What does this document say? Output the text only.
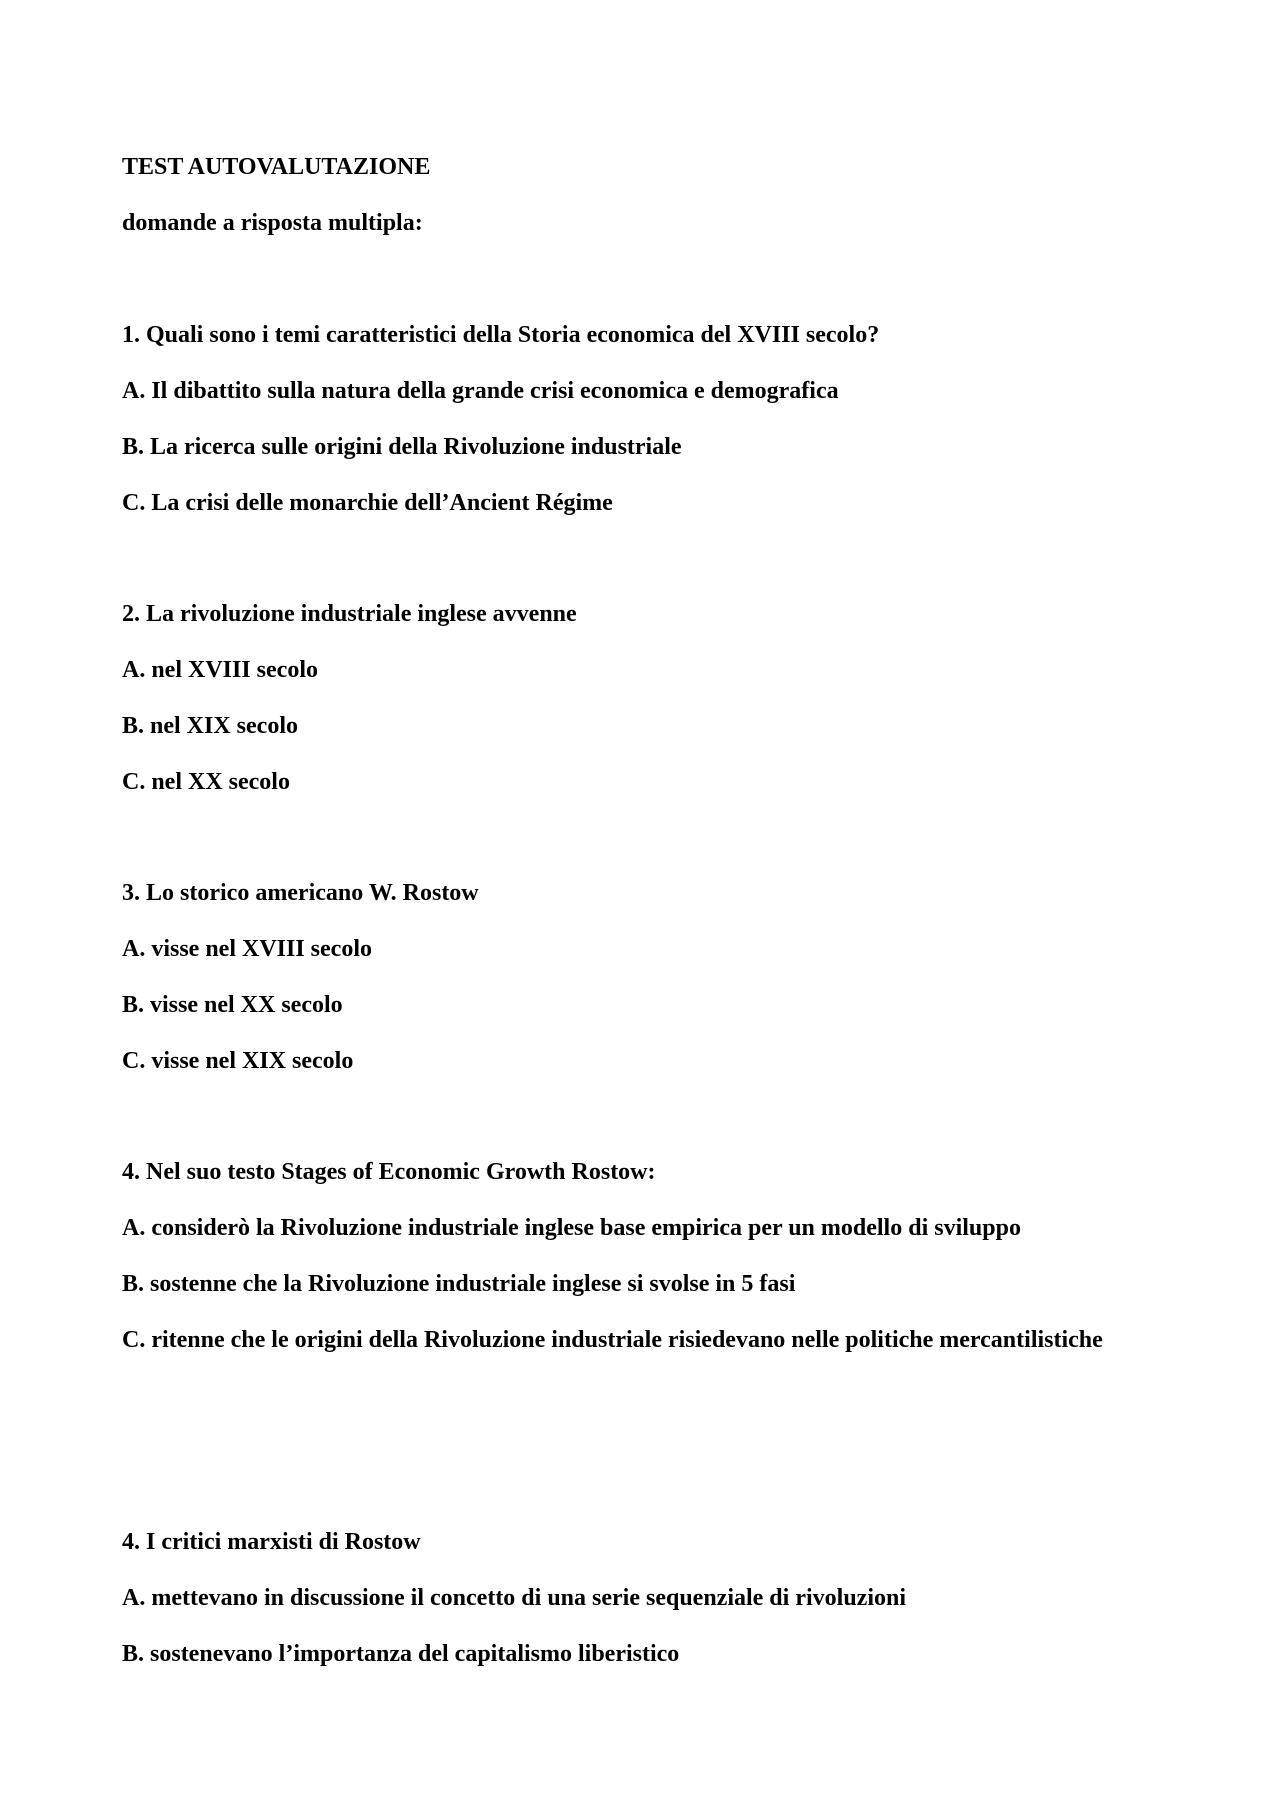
TEST AUTOVALUTAZIONE

domande a risposta multipla:

1. Quali sono i temi caratteristici della Storia economica del XVIII secolo?

A. Il dibattito sulla natura della grande crisi economica e demografica

B. La ricerca sulle origini della Rivoluzione industriale

C. La crisi delle monarchie dell’Ancient Régime

2. La rivoluzione industriale inglese avvenne

A. nel XVIII secolo

B. nel XIX secolo

C. nel XX secolo

3. Lo storico americano W. Rostow

A. visse nel XVIII secolo

B. visse nel XX secolo

C. visse nel XIX secolo

4. Nel suo testo Stages of Economic Growth Rostow:

A. considerò la Rivoluzione industriale inglese base empirica per un modello di sviluppo

B. sostenne che la Rivoluzione industriale inglese si svolse in 5 fasi

C. ritenne che le origini della Rivoluzione industriale risiedevano nelle politiche mercantilistiche

4. I critici marxisti di Rostow

A. mettevano in discussione il concetto di una serie sequenziale di rivoluzioni

B. sostenevano l’importanza del capitalismo liberistico
